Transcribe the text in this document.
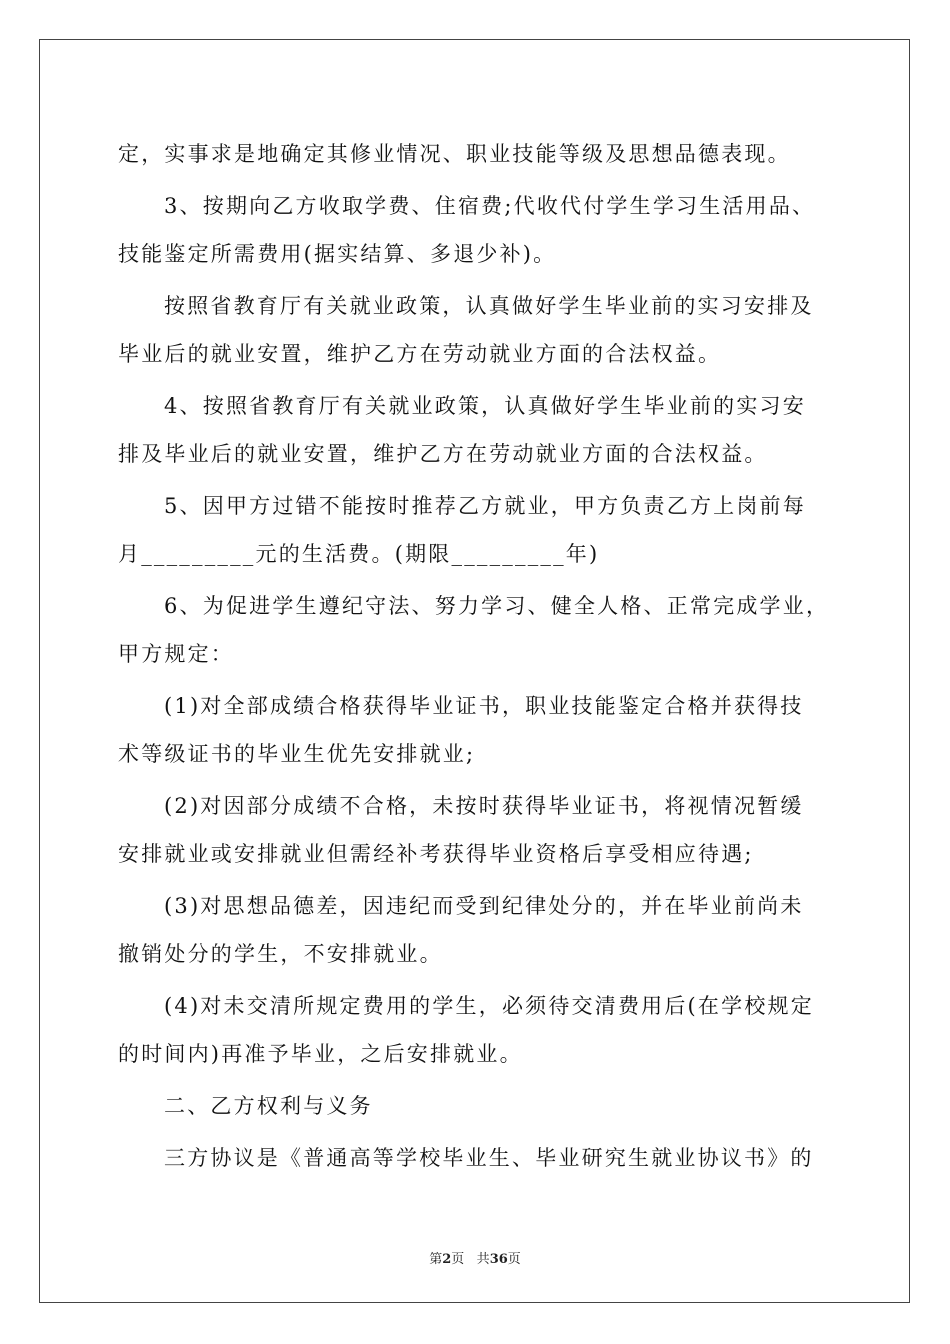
定，实事求是地确定其修业情况、职业技能等级及思想品德表现。

3、按期向乙方收取学费、住宿费;代收代付学生学习生活用品、

技能鉴定所需费用(据实结算、多退少补)。

按照省教育厅有关就业政策，认真做好学生毕业前的实习安排及

毕业后的就业安置，维护乙方在劳动就业方面的合法权益。

4、按照省教育厅有关就业政策，认真做好学生毕业前的实习安

排及毕业后的就业安置，维护乙方在劳动就业方面的合法权益。

5、因甲方过错不能按时推荐乙方就业，甲方负责乙方上岗前每

月_________元的生活费。(期限_________年)

6、为促进学生遵纪守法、努力学习、健全人格、正常完成学业，

甲方规定：

(1)对全部成绩合格获得毕业证书，职业技能鉴定合格并获得技

术等级证书的毕业生优先安排就业;

(2)对因部分成绩不合格，未按时获得毕业证书，将视情况暂缓

安排就业或安排就业但需经补考获得毕业资格后享受相应待遇;

(3)对思想品德差，因违纪而受到纪律处分的，并在毕业前尚未

撤销处分的学生，不安排就业。

(4)对未交清所规定费用的学生，必须待交清费用后(在学校规定

的时间内)再准予毕业，之后安排就业。

二、乙方权利与义务

三方协议是《普通高等学校毕业生、毕业研究生就业协议书》的

第2页 共36页
